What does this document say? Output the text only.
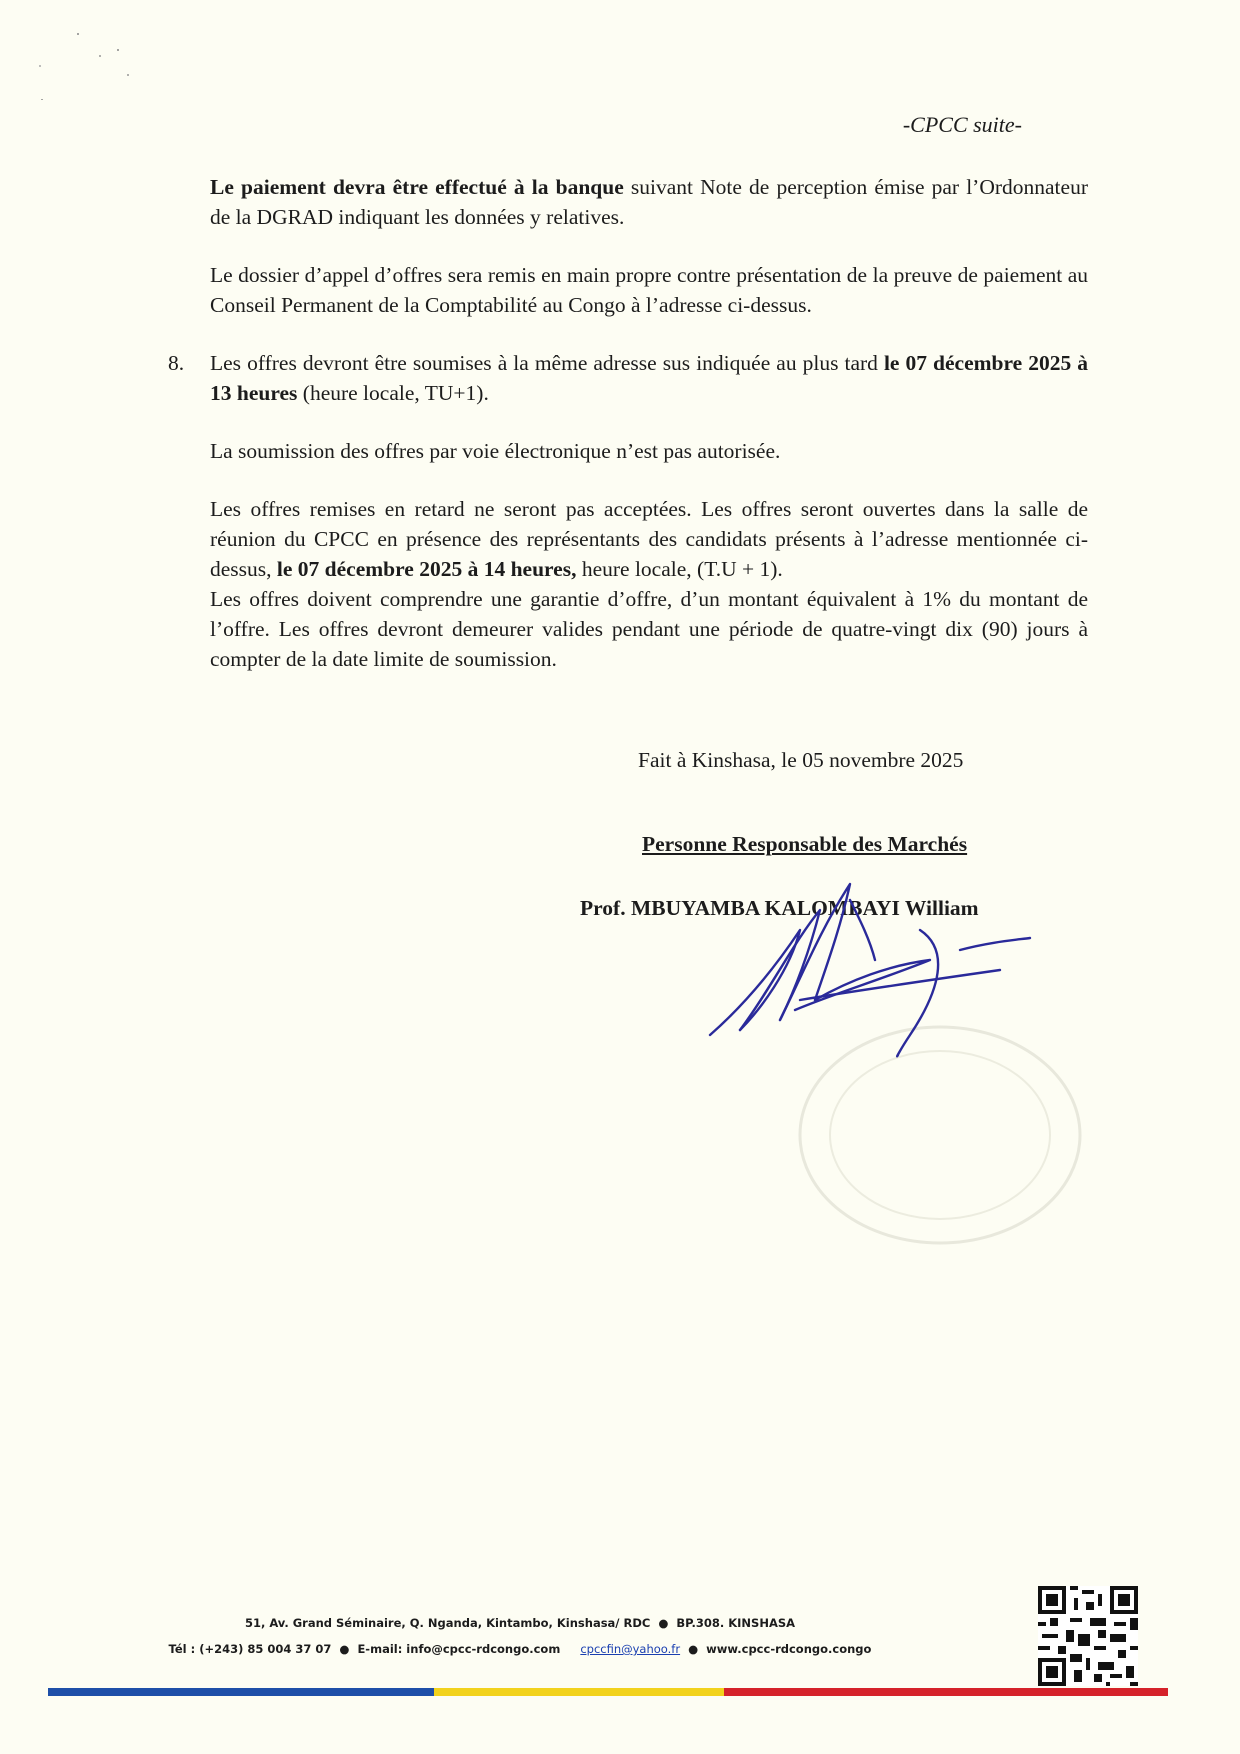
-CPCC suite-

Le paiement devra être effectué à la banque suivant Note de perception émise par l’Ordonnateur de la DGRAD indiquant les données y relatives.

Le dossier d’appel d’offres sera remis en main propre contre présentation de la preuve de paiement au Conseil Permanent de la Comptabilité au Congo à l’adresse ci-dessus.

8. Les offres devront être soumises à la même adresse sus indiquée au plus tard le 07 décembre 2025 à 13 heures (heure locale, TU+1).

La soumission des offres par voie électronique n’est pas autorisée.

Les offres remises en retard ne seront pas acceptées. Les offres seront ouvertes dans la salle de réunion du CPCC en présence des représentants des candidats présents à l’adresse mentionnée ci-dessus, le 07 décembre 2025 à 14 heures, heure locale, (T.U + 1).

Les offres doivent comprendre une garantie d’offre, d’un montant équivalent à 1% du montant de l’offre. Les offres devront demeurer valides pendant une période de quatre-vingt dix (90) jours à compter de la date limite de soumission.

Fait à Kinshasa, le 05 novembre 2025
Personne Responsable des Marchés
Prof. MBUYAMBA KALOMBAYI William
51, Av. Grand Séminaire, Q. Nganda, Kintambo, Kinshasa/ RDC ● BP.308. KINSHASA
Tél : (+243) 85 004 37 07 ● E-mail: info@cpcc-rdcongo.com cpccfin@yahoo.fr ● www.cpcc-rdcongo.congo
